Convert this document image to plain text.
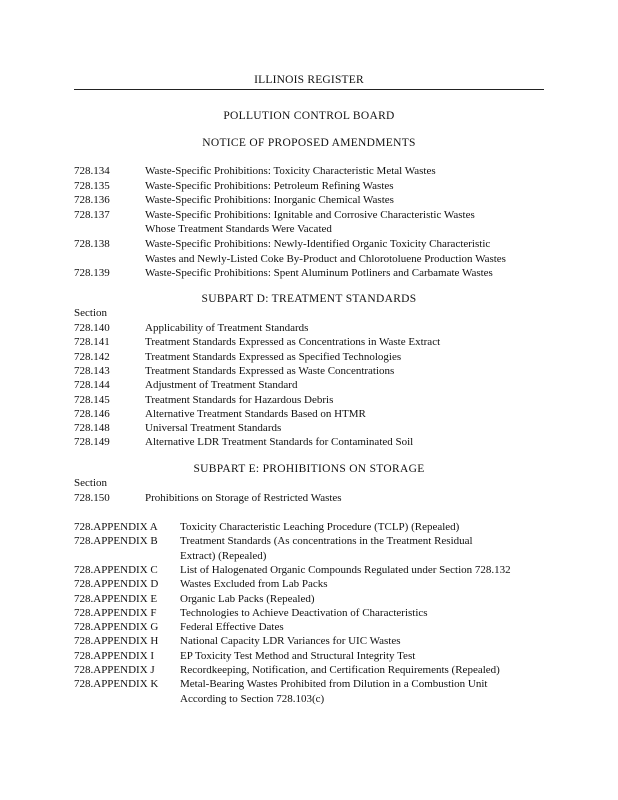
ILLINOIS REGISTER
POLLUTION CONTROL BOARD
NOTICE OF PROPOSED AMENDMENTS
728.134	Waste-Specific Prohibitions: Toxicity Characteristic Metal Wastes
728.135	Waste-Specific Prohibitions: Petroleum Refining Wastes
728.136	Waste-Specific Prohibitions: Inorganic Chemical Wastes
728.137	Waste-Specific Prohibitions: Ignitable and Corrosive Characteristic Wastes
Whose Treatment Standards Were Vacated
728.138	Waste-Specific Prohibitions: Newly-Identified Organic Toxicity Characteristic
Wastes and Newly-Listed Coke By-Product and Chlorotoluene Production Wastes
728.139	Waste-Specific Prohibitions: Spent Aluminum Potliners and Carbamate Wastes
SUBPART D: TREATMENT STANDARDS
Section
728.140	Applicability of Treatment Standards
728.141	Treatment Standards Expressed as Concentrations in Waste Extract
728.142	Treatment Standards Expressed as Specified Technologies
728.143	Treatment Standards Expressed as Waste Concentrations
728.144	Adjustment of Treatment Standard
728.145	Treatment Standards for Hazardous Debris
728.146	Alternative Treatment Standards Based on HTMR
728.148	Universal Treatment Standards
728.149	Alternative LDR Treatment Standards for Contaminated Soil
SUBPART E: PROHIBITIONS ON STORAGE
Section
728.150	Prohibitions on Storage of Restricted Wastes
728.APPENDIX A Toxicity Characteristic Leaching Procedure (TCLP) (Repealed)
728.APPENDIX B Treatment Standards (As concentrations in the Treatment Residual
Extract) (Repealed)
728.APPENDIX C List of Halogenated Organic Compounds Regulated under Section 728.132
728.APPENDIX D Wastes Excluded from Lab Packs
728.APPENDIX E Organic Lab Packs (Repealed)
728.APPENDIX F Technologies to Achieve Deactivation of Characteristics
728.APPENDIX G Federal Effective Dates
728.APPENDIX H National Capacity LDR Variances for UIC Wastes
728.APPENDIX I EP Toxicity Test Method and Structural Integrity Test
728.APPENDIX J Recordkeeping, Notification, and Certification Requirements (Repealed)
728.APPENDIX K Metal-Bearing Wastes Prohibited from Dilution in a Combustion Unit
According to Section 728.103(c)
